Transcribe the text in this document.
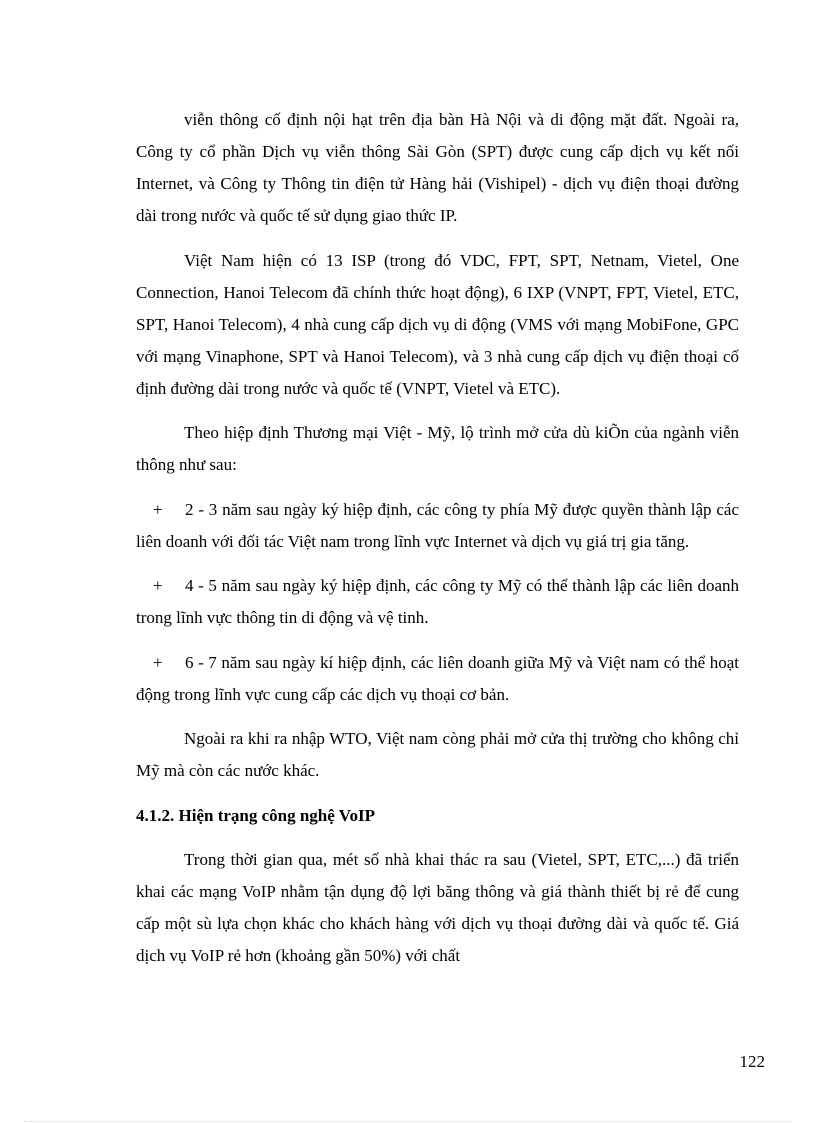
viễn thông cố định nội hạt trên địa bàn Hà Nội và di động mặt đất. Ngoài ra, Công ty cổ phần Dịch vụ viễn thông Sài Gòn (SPT) được cung cấp dịch vụ kết nối Internet, và Công ty Thông tin điện tử Hàng hải (Vishipel) - dịch vụ điện thoại đường dài trong nước và quốc tế sử dụng giao thức IP.

Việt Nam hiện có 13 ISP (trong đó VDC, FPT, SPT, Netnam, Vietel, One Connection, Hanoi Telecom đã chính thức hoạt động), 6 IXP (VNPT, FPT, Vietel, ETC, SPT, Hanoi Telecom), 4 nhà cung cấp dịch vụ di động (VMS với mạng MobiFone, GPC với mạng Vinaphone, SPT và Hanoi Telecom), và 3 nhà cung cấp dịch vụ điện thoại cố định đường dài trong nước và quốc tế (VNPT, Vietel và ETC).

Theo hiệp định Thương mại Việt - Mỹ, lộ trình mở cửa dù kiÕn của ngành viễn thông như sau:

+ 2 - 3 năm sau ngày ký hiệp định, các công ty phía Mỹ được quyền thành lập các liên doanh với đối tác Việt nam trong lĩnh vực Internet và dịch vụ giá trị gia tăng.

+ 4 - 5 năm sau ngày ký hiệp định, các công ty Mỹ có thể thành lập các liên doanh trong lĩnh vực thông tin di động và vệ tinh.

+ 6 - 7 năm sau ngày kí hiệp định, các liên doanh giữa Mỹ và Việt nam có thể hoạt động trong lĩnh vực cung cấp các dịch vụ thoại cơ bản.

Ngoài ra khi ra nhập WTO, Việt nam còng phải mở cửa thị trường cho không chỉ Mỹ mà còn các nước khác.

4.1.2. Hiện trạng công nghệ VoIP

Trong thời gian qua, mét số nhà khai thác ra sau (Vietel, SPT, ETC,...) đã triển khai các mạng VoIP nhằm tận dụng độ lợi băng thông và giá thành thiết bị rẻ để cung cấp một sù lựa chọn khác cho khách hàng với dịch vụ thoại đường dài và quốc tế. Giá dịch vụ VoIP rẻ hơn (khoảng gần 50%) với chất

122
